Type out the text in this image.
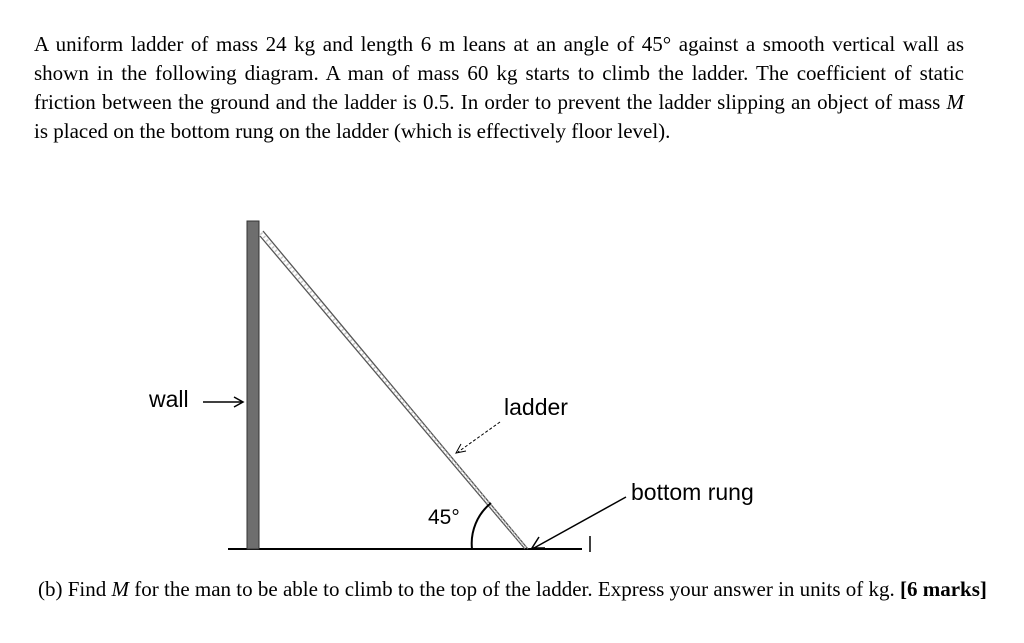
A uniform ladder of mass 24 kg and length 6 m leans at an angle of 45° against a smooth vertical wall as shown in the following diagram. A man of mass 60 kg starts to climb the ladder. The coefficient of static friction between the ground and the ladder is 0.5. In order to prevent the ladder slipping an object of mass M is placed on the bottom rung on the ladder (which is effectively floor level).

wall	ladder
bottom rung
45°

(b) Find M for the man to be able to climb to the top of the ladder. Express your answer in units of kg. [6 marks]
